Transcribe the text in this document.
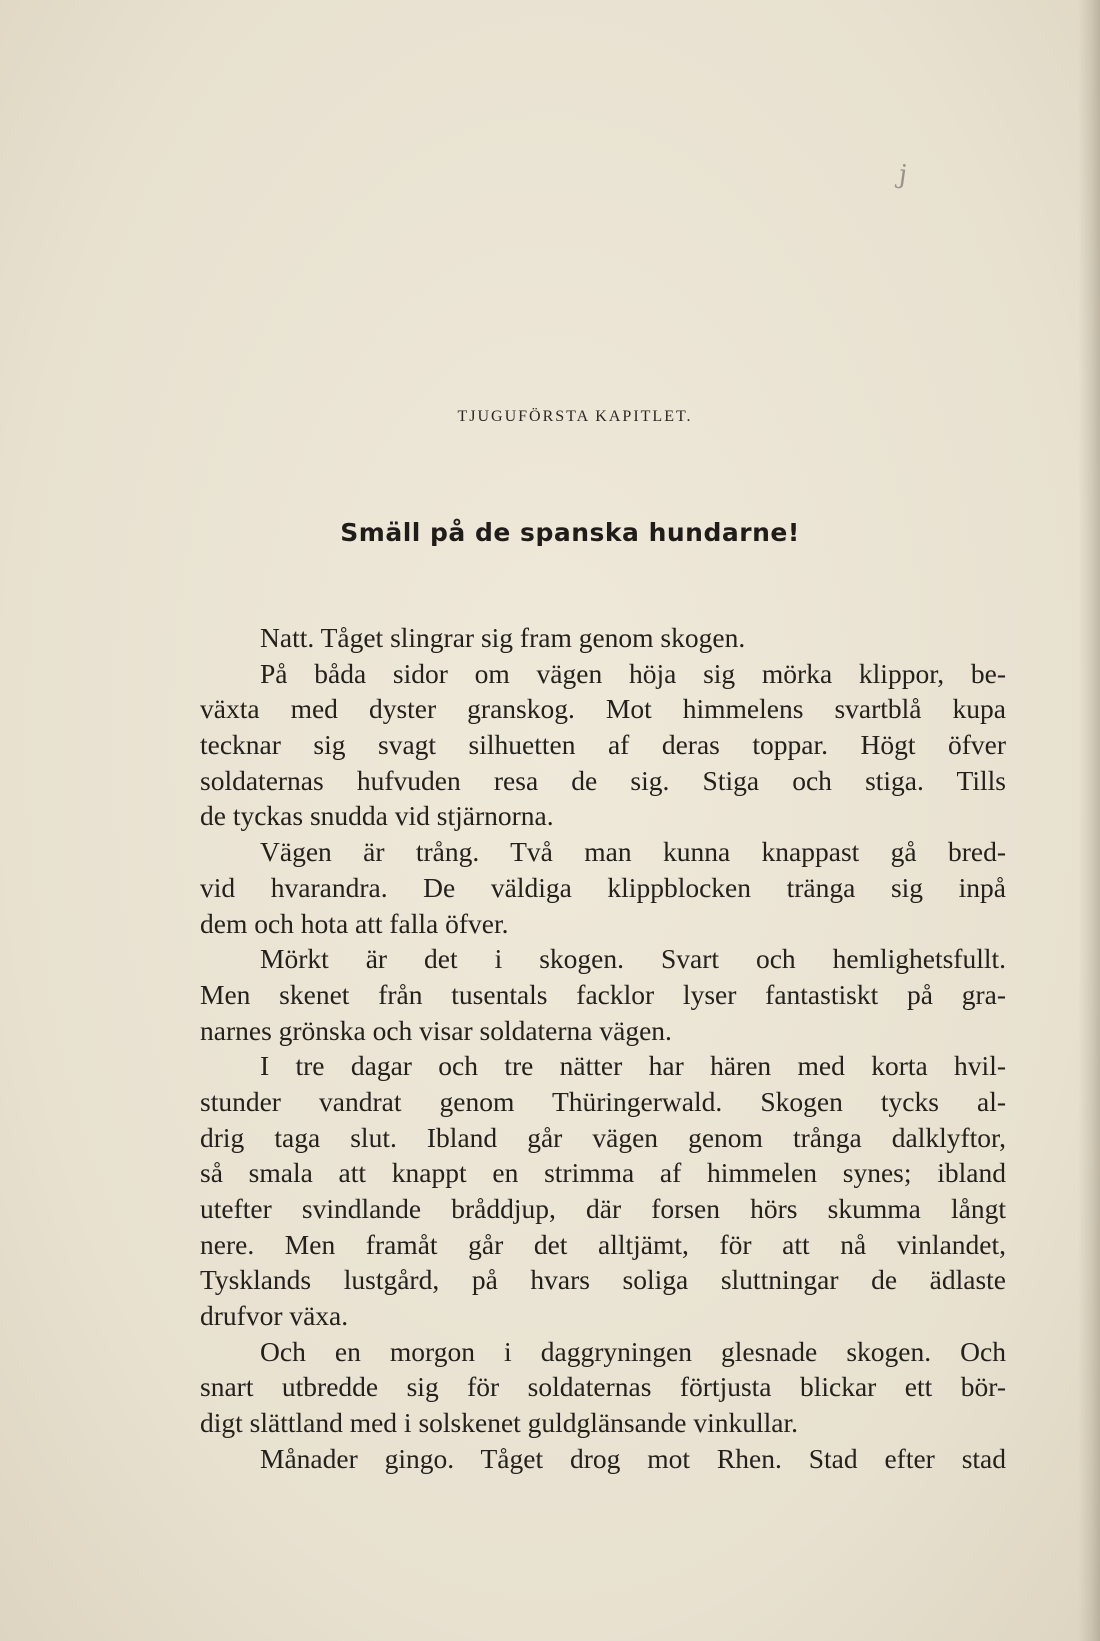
j
TJUGUFÖRSTA KAPITLET.
Smäll på de spanska hundarne!
Natt. Tåget slingrar sig fram genom skogen.
På båda sidor om vägen höja sig mörka klippor, be-
växta med dyster granskog. Mot himmelens svartblå kupa
tecknar sig svagt silhuetten af deras toppar. Högt öfver
soldaternas hufvuden resa de sig. Stiga och stiga. Tills
de tyckas snudda vid stjärnorna.
Vägen är trång. Två man kunna knappast gå bred-
vid hvarandra. De väldiga klippblocken tränga sig inpå
dem och hota att falla öfver.
Mörkt är det i skogen. Svart och hemlighetsfullt.
Men skenet från tusentals facklor lyser fantastiskt på gra-
narnes grönska och visar soldaterna vägen.
I tre dagar och tre nätter har hären med korta hvil-
stunder vandrat genom Thüringerwald. Skogen tycks al-
drig taga slut. Ibland går vägen genom trånga dalklyftor,
så smala att knappt en strimma af himmelen synes; ibland
utefter svindlande bråddjup, där forsen hörs skumma långt
nere. Men framåt går det alltjämt, för att nå vinlandet,
Tysklands lustgård, på hvars soliga sluttningar de ädlaste
drufvor växa.
Och en morgon i daggryningen glesnade skogen. Och
snart utbredde sig för soldaternas förtjusta blickar ett bör-
digt slättland med i solskenet guldglänsande vinkullar.
Månader gingo. Tåget drog mot Rhen. Stad efter stad
